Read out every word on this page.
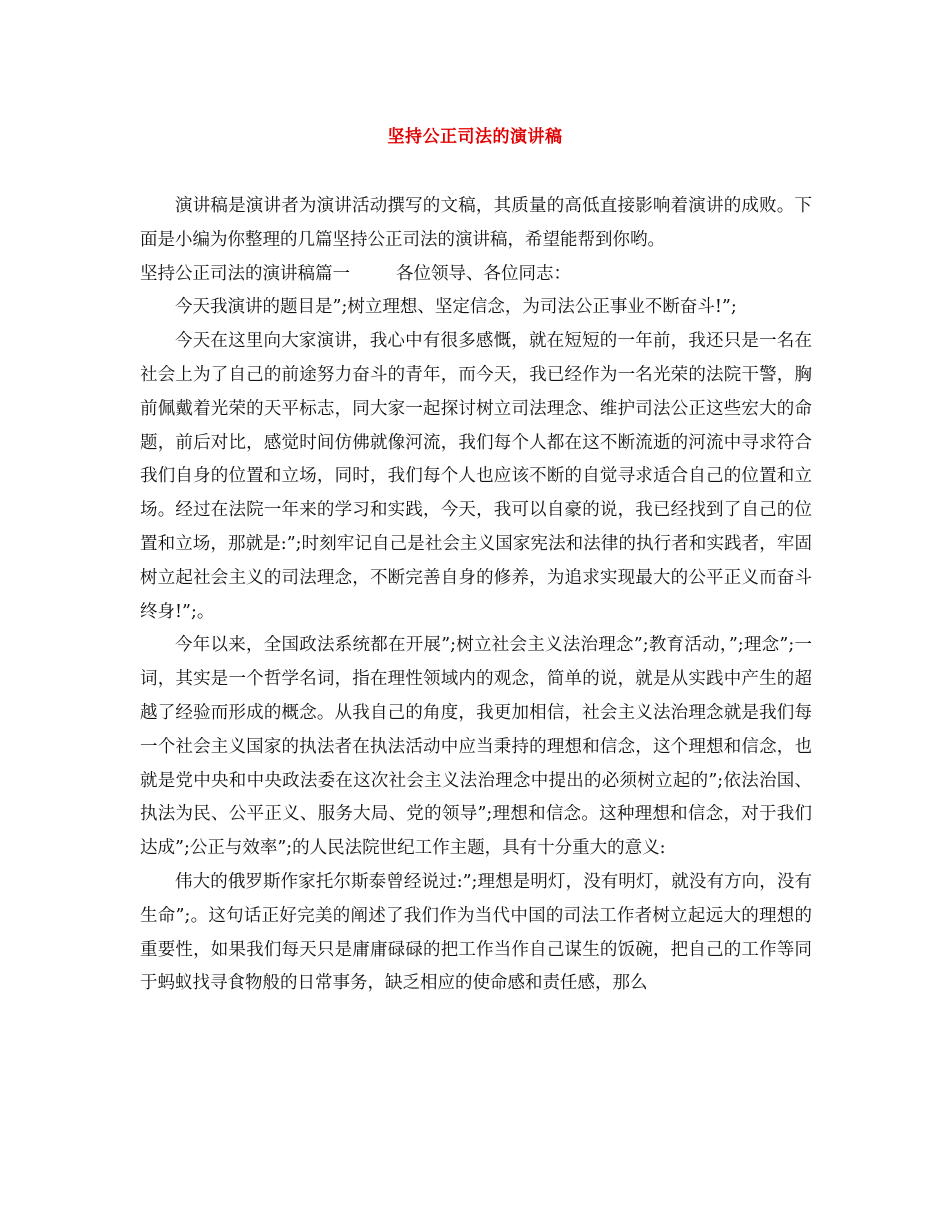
坚持公正司法的演讲稿

演讲稿是演讲者为演讲活动撰写的文稿，其质量的高低直接影响着演讲的成败。下面是小编为你整理的几篇坚持公正司法的演讲稿，希望能帮到你哟。

坚持公正司法的演讲稿篇一	各位领导、各位同志：

今天我演讲的题目是”;树立理想、坚定信念，为司法公正事业不断奋斗!”;

今天在这里向大家演讲，我心中有很多感慨，就在短短的一年前，我还只是一名在社会上为了自己的前途努力奋斗的青年，而今天，我已经作为一名光荣的法院干警，胸前佩戴着光荣的天平标志，同大家一起探讨树立司法理念、维护司法公正这些宏大的命题，前后对比，感觉时间仿佛就像河流，我们每个人都在这不断流逝的河流中寻求符合我们自身的位置和立场，同时，我们每个人也应该不断的自觉寻求适合自己的位置和立场。经过在法院一年来的学习和实践，今天，我可以自豪的说，我已经找到了自己的位置和立场，那就是:”;时刻牢记自己是社会主义国家宪法和法律的执行者和实践者，牢固树立起社会主义的司法理念，不断完善自身的修养，为追求实现最大的公平正义而奋斗终身!”;。

今年以来，全国政法系统都在开展”;树立社会主义法治理念”;教育活动，”;理念”;一词，其实是一个哲学名词，指在理性领域内的观念，简单的说，就是从实践中产生的超越了经验而形成的概念。从我自己的角度，我更加相信，社会主义法治理念就是我们每一个社会主义国家的执法者在执法活动中应当秉持的理想和信念，这个理想和信念，也就是党中央和中央政法委在这次社会主义法治理念中提出的必须树立起的”;依法治国、执法为民、公平正义、服务大局、党的领导”;理想和信念。这种理想和信念，对于我们达成”;公正与效率”;的人民法院世纪工作主题，具有十分重大的意义:

伟大的俄罗斯作家托尔斯泰曾经说过:”;理想是明灯，没有明灯，就没有方向，没有生命”;。这句话正好完美的阐述了我们作为当代中国的司法工作者树立起远大的理想的重要性，如果我们每天只是庸庸碌碌的把工作当作自己谋生的饭碗，把自己的工作等同于蚂蚁找寻食物般的日常事务，缺乏相应的使命感和责任感，那么
